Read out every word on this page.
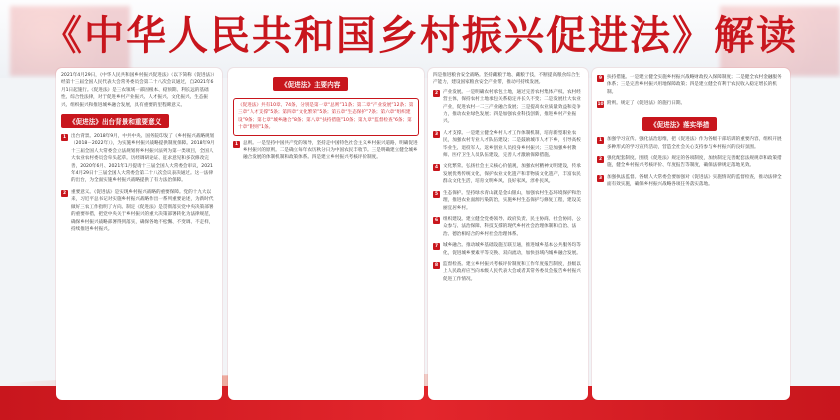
《中华人民共和国乡村振兴促进法》解读

2021年4月29日，《中华人民共和国乡村振兴促进法》（以下简称《促进法》）经第十三届全国人民代表大会常务委员会第二十八次会议通过，自2021年6月1日起施行。《促进法》是三农领域一部固根本、稳预期、利长远的基础性、综合性法律，对于促进乡村产业振兴、人才振兴、文化振兴、生态振兴、组织振兴和推进城乡融合发展，具有重要的里程碑意义。

《促进法》出台背景和重要意义
1	出台背景。2018年9月，中共中央、国务院印发了《乡村振兴战略规划（2018－2022年）》，为实施乡村振兴战略提供制度保障。2018年9月十三届全国人大常委会立法规划将乡村振兴法列为第一类项目，全国人大农业农村委员会牵头起草。历经调研论证、征求意见和多次修改完善，2020年6月、2021年1月提请十三届全国人大常委会审议，2021年4月29日十三届全国人大常委会第二十八次会议表决通过。这一法律的出台，为全面实施乡村振兴战略提供了有力法治保障。

2	重要意义。《促进法》是实现乡村振兴战略的重要保障。党的十九大以来，习近平总书记对实施乡村振兴战略作出一系列重要论述，为新时代做好三农工作指明了方向。制定《促进法》是贯彻落实党中央决策部署的重要举措，把党中央关于乡村振兴的重大决策部署转化为法律规范，确保乡村振兴战略部署得到落实，确保各地不松懈、不变调、不走样，持续推进乡村振兴。

《促进法》主要内容

《促进法》共有10章、74条，分别是第一章“总则”11条；第二章“产业发展”12条；第三章“人才支撑”5条；第四章“文化繁荣”5条；第五章“生态保护”7条；第六章“组织建设”9条；第七章“城乡融合”8条；第八章“扶持措施”10条；第九章“监督检查”6条；第十章“附则”1条。

1	总则。一是坚持中国共产党的领导，坚持走中国特色社会主义乡村振兴道路，明确促进乡村振兴的原则。二是确立每年农历秋分日为中国农民丰收节。三是明确建立健全城乡融合发展的体制机制和政策体系。四是建立乡村振兴考核评价制度。

四是推进粮食安全战略。坚持藏粮于地、藏粮于技，不断提高粮食综合生产能力，建设国家粮食安全产业带，推动可持续发展。

2	产业发展。一是明确农村承包土地，通过完善农村集体产权、农村经营主体，保持农村土地承包关系稳定并长久不变；二是发展壮大农业产业，促进农村一二三产业融合发展；三是提高农业质量效益和竞争力，推动农业绿色发展；四是加强农业科技创新，推进乡村产业振兴。

3	人才支撑。一是建立健全乡村人才工作体制机制，培育新型职业农民，加强农村专业人才队伍建设；二是鼓励城市人才下乡，引导高校毕业生、退役军人、返乡创业人员投身乡村振兴；三是加强乡村教师、医疗卫生人员队伍建设，完善人才激励保障措施。

4	文化繁荣。弘扬社会主义核心价值观，加强农村精神文明建设，传承发展优秀传统文化，保护农业文化遗产和非物质文化遗产，丰富农民群众文化生活，培育文明乡风、良好家风、淳朴民风。

5	生态保护。坚持绿水青山就是金山银山，加强农村生态环境保护和治理，推进农业面源污染防治，实施乡村生态保护与修复工程，建设美丽宜居乡村。

6	组织建设。建立健全党委领导、政府负责、民主协商、社会协同、公众参与、法治保障、科技支撑的现代乡村社会治理体制和自治、法治、德治相结合的乡村社会治理体系。

7	城乡融合。推动城乡基础设施互联互通，推进城乡基本公共服务均等化，促进城乡要素平等交换、双向流动，加快县域内城乡融合发展。

8	监督检查。建立乡村振兴考核评价制度和工作年度报告制度，县级以上人民政府应当向本级人民代表大会或者其常务委员会报告乡村振兴促进工作情况。

9	扶持措施。一是建立健全实施乡村振兴战略财政投入保障制度；二是健全农村金融服务体系；三是完善乡村振兴用地保障政策；四是建立健全有利于农民收入稳定增长的机制。

10 附则。规定了《促进法》的施行日期。

《促进法》落实举措
1	加强学习宣传。强化法治思维，把《促进法》作为各级干部培训的重要内容，组织开展多种形式的学习宣传活动，营造全社会关心支持参与乡村振兴的良好氛围。

2	强化配套制度。围绕《促进法》规定的各项制度，加快制定完善配套法规规章和政策措施，健全乡村振兴考核评价、年度报告等制度，确保法律规定落地见效。

3	加强执法监督。各级人大常委会要加强对《促进法》实施情况的监督检查，推动法律全面有效实施，确保乡村振兴战略各项任务落实落地。
